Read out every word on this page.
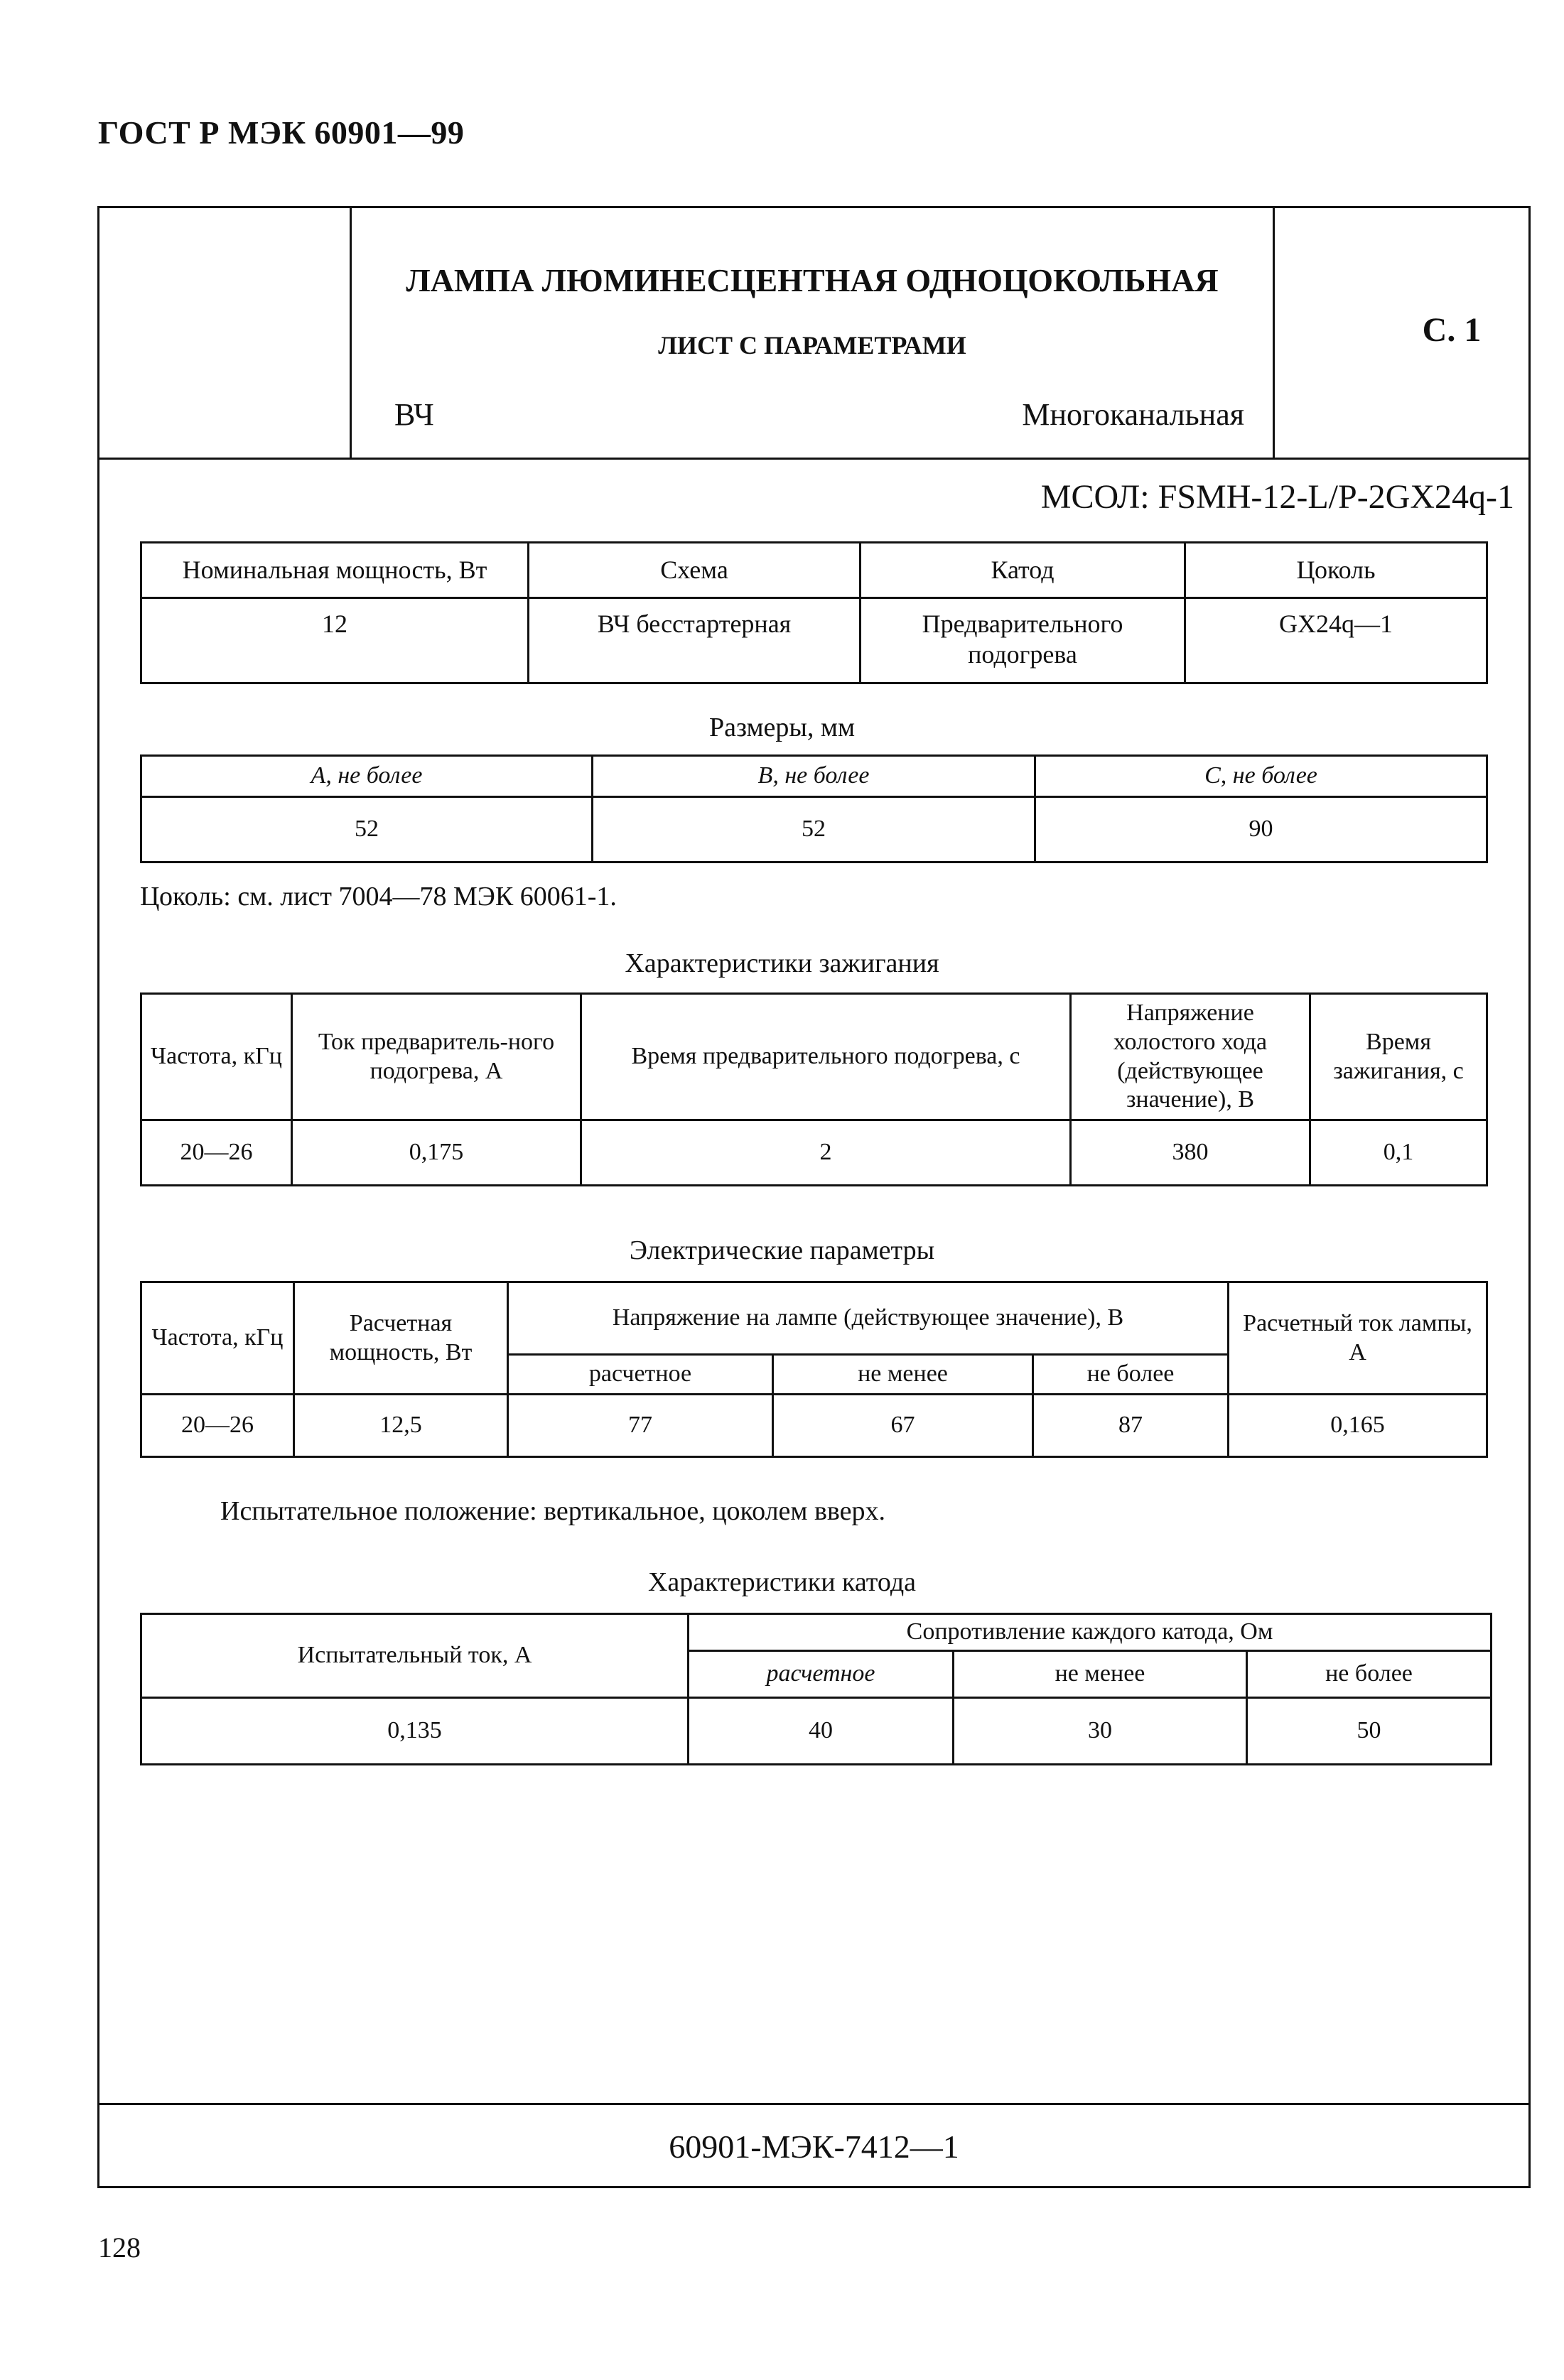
ГОСТ Р МЭК 60901—99
ЛАМПА ЛЮМИНЕСЦЕНТНАЯ ОДНОЦОКОЛЬНАЯ
ЛИСТ С ПАРАМЕТРАМИ
ВЧ	Многоканальная
С. 1
МСОЛ: FSMH-12-L/P-2GX24q-1
Номинальная мощность, Вт	Схема	Катод	Цоколь
12	ВЧ бесстартерная	Предварительного подогрева	GX24q—1
Размеры, мм
А, не более	В, не более	С, не более
52	52	90
Цоколь: см. лист 7004—78 МЭК 60061-1.
Характеристики зажигания
Частота, кГц	Ток предваритель-ного подогрева, А	Время предварительного подогрева, с	Напряжение холостого хода (действующее значение), В	Время зажигания, с
20—26	0,175	2	380	0,1
Электрические параметры
Частота, кГц	Расчетная мощность, Вт	Напряжение на лампе (действующее значение), В			Расчетный ток лампы, А
		расчетное	не менее	не более	
20—26	12,5	77	67	87	0,165
Испытательное положение: вертикальное, цоколем вверх.
Характеристики катода
Испытательный ток, А	Сопротивление каждого катода, Ом		
	расчетное	не менее	не более
0,135	40	30	50
60901-МЭК-7412—1
128
